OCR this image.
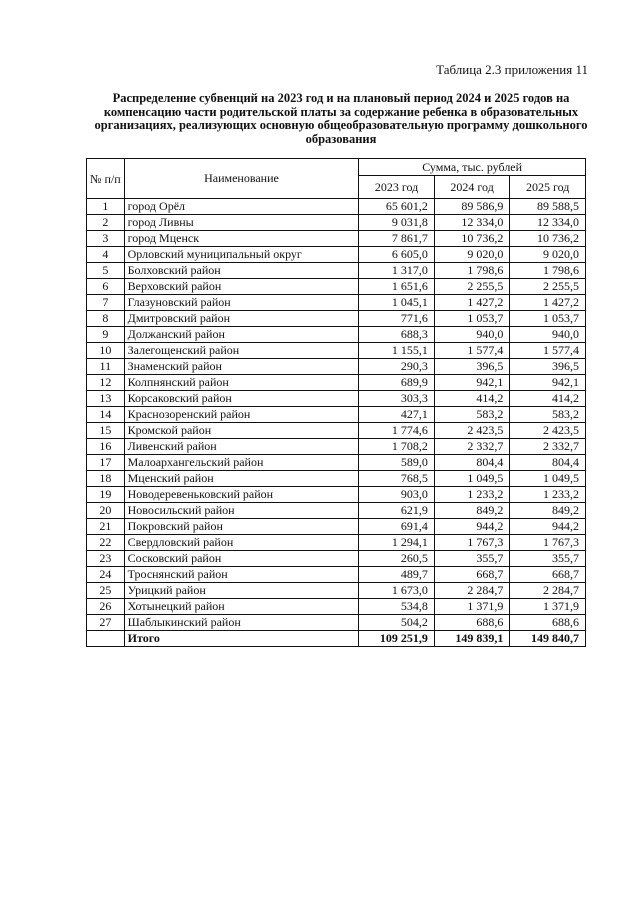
Таблица 2.3 приложения 11
Распределение субвенций на 2023 год и на плановый период 2024 и 2025 годов на компенсацию части родительской платы за содержание ребенка в образовательных организациях, реализующих основную общеобразовательную программу дошкольного образования
№ п/п	Наименование	Сумма, тыс. рублей		
		2023 год	2024 год	2025 год
1	город Орёл	65 601,2	89 586,9	89 588,5
2	город Ливны	9 031,8	12 334,0	12 334,0
3	город Мценск	7 861,7	10 736,2	10 736,2
4	Орловский муниципальный округ	6 605,0	9 020,0	9 020,0
5	Болховский район	1 317,0	1 798,6	1 798,6
6	Верховский район	1 651,6	2 255,5	2 255,5
7	Глазуновский район	1 045,1	1 427,2	1 427,2
8	Дмитровский район	771,6	1 053,7	1 053,7
9	Должанский район	688,3	940,0	940,0
10	Залегощенский район	1 155,1	1 577,4	1 577,4
11	Знаменский район	290,3	396,5	396,5
12	Колпнянский район	689,9	942,1	942,1
13	Корсаковский район	303,3	414,2	414,2
14	Краснозоренский район	427,1	583,2	583,2
15	Кромской район	1 774,6	2 423,5	2 423,5
16	Ливенский район	1 708,2	2 332,7	2 332,7
17	Малоархангельский район	589,0	804,4	804,4
18	Мценский район	768,5	1 049,5	1 049,5
19	Новодеревеньковский район	903,0	1 233,2	1 233,2
20	Новосильский район	621,9	849,2	849,2
21	Покровский район	691,4	944,2	944,2
22	Свердловский район	1 294,1	1 767,3	1 767,3
23	Сосковский район	260,5	355,7	355,7
24	Троснянский район	489,7	668,7	668,7
25	Урицкий район	1 673,0	2 284,7	2 284,7
26	Хотынецкий район	534,8	1 371,9	1 371,9
27	Шаблыкинский район	504,2	688,6	688,6
	Итого	109 251,9	149 839,1	149 840,7
